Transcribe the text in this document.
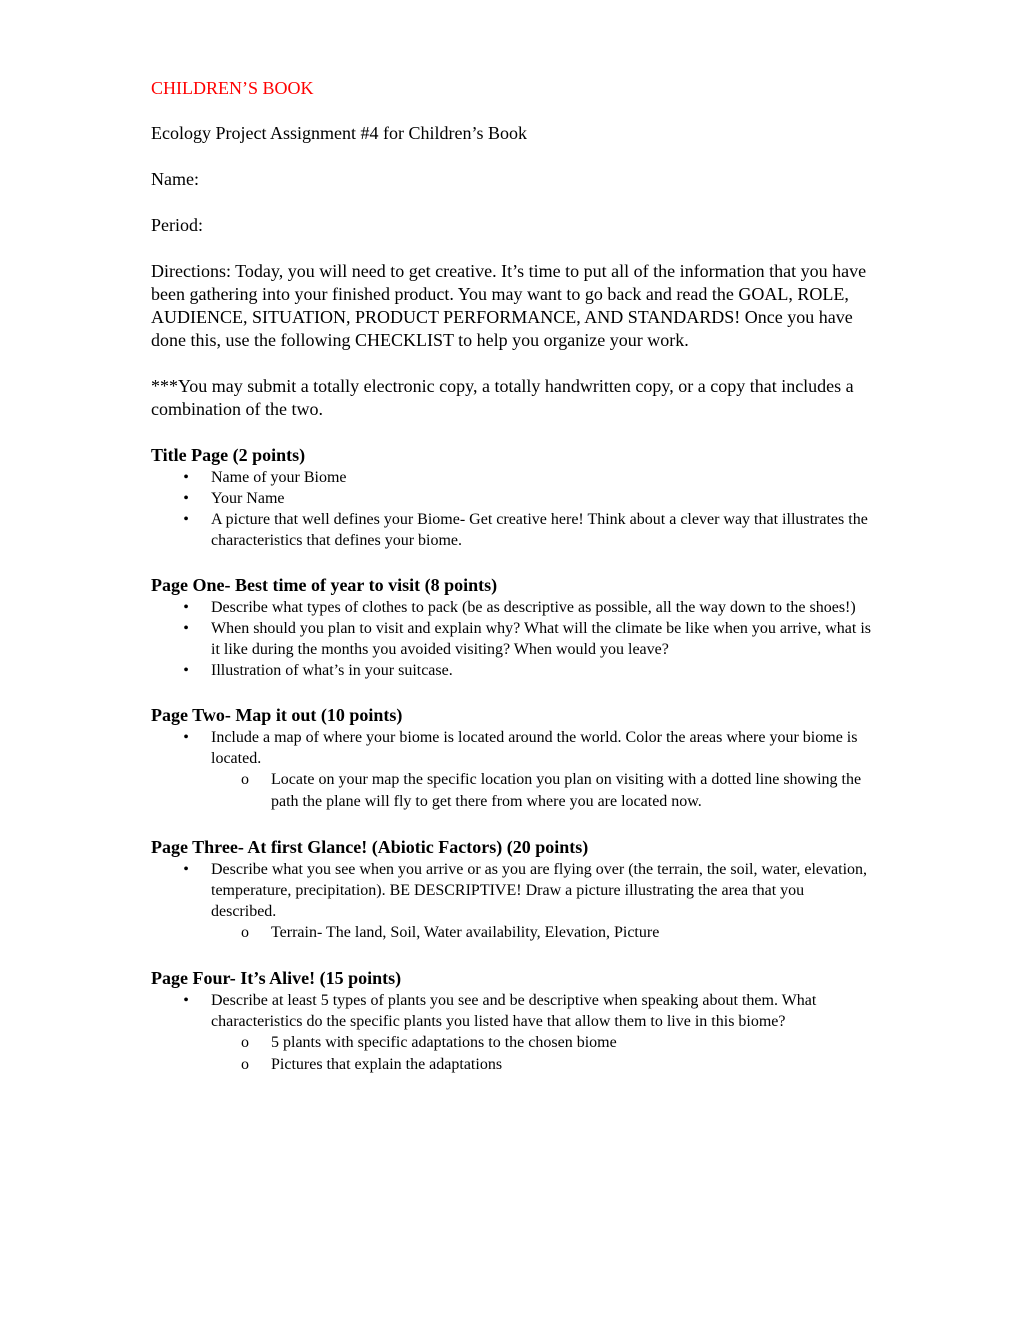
CHILDREN’S BOOK
Ecology Project Assignment #4 for Children’s Book
Name:
Period:
Directions: Today, you will need to get creative. It’s time to put all of the information that you have been gathering into your finished product. You may want to go back and read the GOAL, ROLE, AUDIENCE, SITUATION, PRODUCT PERFORMANCE, AND STANDARDS! Once you have done this, use the following CHECKLIST to help you organize your work.
***You may submit a totally electronic copy, a totally handwritten copy, or a copy that includes a combination of the two.
Title Page (2 points)
• Name of your Biome
• Your Name
• A picture that well defines your Biome- Get creative here! Think about a clever way that illustrates the characteristics that defines your biome.
Page One- Best time of year to visit (8 points)
• Describe what types of clothes to pack (be as descriptive as possible, all the way down to the shoes!)
• When should you plan to visit and explain why? What will the climate be like when you arrive, what is it like during the months you avoided visiting? When would you leave?
• Illustration of what’s in your suitcase.
Page Two- Map it out (10 points)
• Include a map of where your biome is located around the world. Color the areas where your biome is located.
o Locate on your map the specific location you plan on visiting with a dotted line showing the path the plane will fly to get there from where you are located now.
Page Three- At first Glance! (Abiotic Factors) (20 points)
• Describe what you see when you arrive or as you are flying over (the terrain, the soil, water, elevation, temperature, precipitation). BE DESCRIPTIVE! Draw a picture illustrating the area that you described.
o Terrain- The land, Soil, Water availability, Elevation, Picture
Page Four- It’s Alive! (15 points)
• Describe at least 5 types of plants you see and be descriptive when speaking about them. What characteristics do the specific plants you listed have that allow them to live in this biome?
o 5 plants with specific adaptations to the chosen biome
o Pictures that explain the adaptations
